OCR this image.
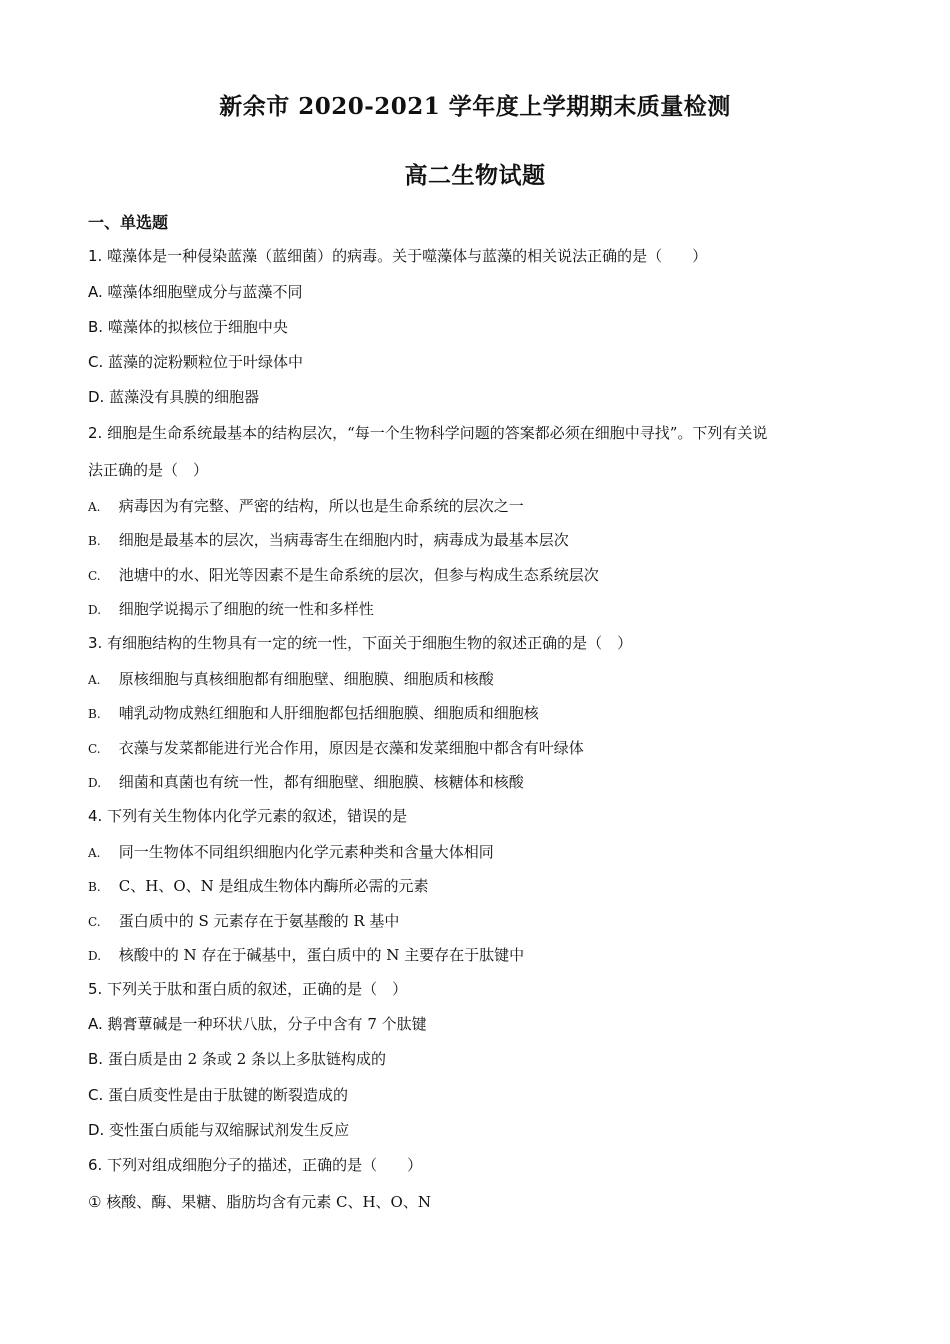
新余市 2020-2021 学年度上学期期末质量检测
高二生物试题
一、单选题
1. 噬藻体是一种侵染蓝藻（蓝细菌）的病毒。关于噬藻体与蓝藻的相关说法正确的是（　　）
A. 噬藻体细胞壁成分与蓝藻不同
B. 噬藻体的拟核位于细胞中央
C. 蓝藻的淀粉颗粒位于叶绿体中
D. 蓝藻没有具膜的细胞器
2. 细胞是生命系统最基本的结构层次，“每一个生物科学问题的答案都必须在细胞中寻找”。下列有关说
法正确的是（　）
A. 病毒因为有完整、严密的结构，所以也是生命系统的层次之一
B. 细胞是最基本的层次，当病毒寄生在细胞内时，病毒成为最基本层次
C. 池塘中的水、阳光等因素不是生命系统的层次，但参与构成生态系统层次
D. 细胞学说揭示了细胞的统一性和多样性
3. 有细胞结构的生物具有一定的统一性，下面关于细胞生物的叙述正确的是（　）
A. 原核细胞与真核细胞都有细胞壁、细胞膜、细胞质和核酸
B. 哺乳动物成熟红细胞和人肝细胞都包括细胞膜、细胞质和细胞核
C. 衣藻与发菜都能进行光合作用，原因是衣藻和发菜细胞中都含有叶绿体
D. 细菌和真菌也有统一性，都有细胞壁、细胞膜、核糖体和核酸
4. 下列有关生物体内化学元素的叙述，错误的是
A. 同一生物体不同组织细胞内化学元素种类和含量大体相同
B. C、H、O、N 是组成生物体内酶所必需的元素
C. 蛋白质中的 S 元素存在于氨基酸的 R 基中
D. 核酸中的 N 存在于碱基中，蛋白质中的 N 主要存在于肽键中
5. 下列关于肽和蛋白质的叙述，正确的是（　）
A. 鹅膏蕈碱是一种环状八肽，分子中含有 7 个肽键
B. 蛋白质是由 2 条或 2 条以上多肽链构成的
C. 蛋白质变性是由于肽键的断裂造成的
D. 变性蛋白质能与双缩脲试剂发生反应
6. 下列对组成细胞分子的描述，正确的是（　　）
① 核酸、酶、果糖、脂肪均含有元素 C、H、O、N
